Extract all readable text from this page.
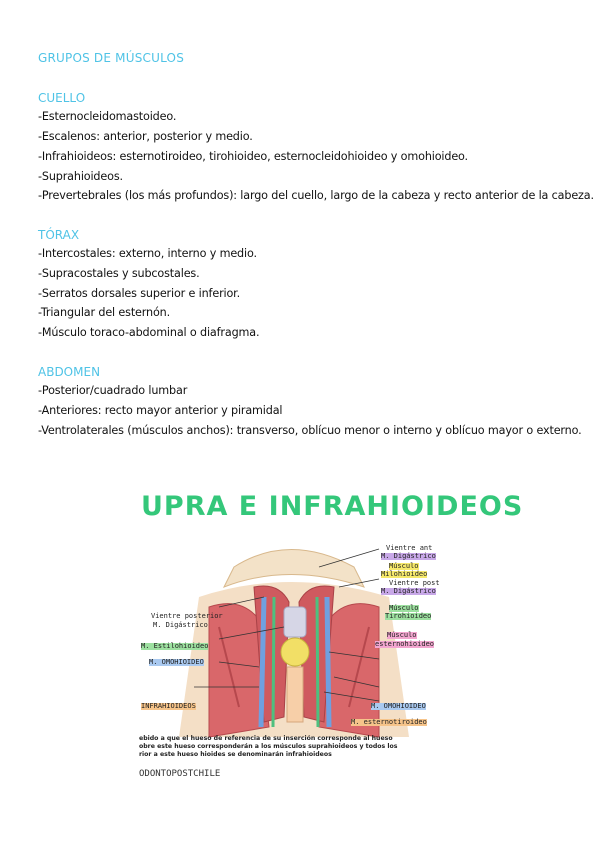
GRUPOS DE MÚSCULOS
CUELLO
-Esternocleidomastoideo.
-Escalenos: anterior, posterior y medio.
-Infrahioideos: esternotiroideo, tirohioideo, esternocleidohioideo y omohioideo.
-Suprahioideos.
-Prevertebrales (los más profundos): largo del cuello, largo de la cabeza y recto anterior de la cabeza.
TÓRAX
-Intercostales: externo, interno y medio.
-Supracostales y subcostales.
-Serratos dorsales superior e inferior.
-Triangular del esternón.
-Músculo toraco-abdominal o diafragma.
ABDOMEN
-Posterior/cuadrado lumbar
-Anteriores: recto mayor anterior y piramidal
-Ventrolaterales (músculos anchos): transverso, oblícuo menor o interno y oblícuo mayor o externo.
UPRA E INFRAHIOIDEOS
Vientre ant
M. Digástrico
Músculo
Milohioideo
Vientre post
M. Digástrico
Vientre posterior
M. Digástrico
Músculo
Tirohioideo
M. Estilohioideo
Músculo
esternohioideo
M. OMOHIOIDEO
INFRAHIOIDEOS	M. OMOHIOIDEO
M. esternotiroideo
ebido a que el hueso de referencia de su inserción corresponde al hueso
obre este hueso corresponderán a los músculos suprahioideos y todos los
rior a este hueso hioides se denominarán infrahioideos
ODONTOPOSTCHILE
